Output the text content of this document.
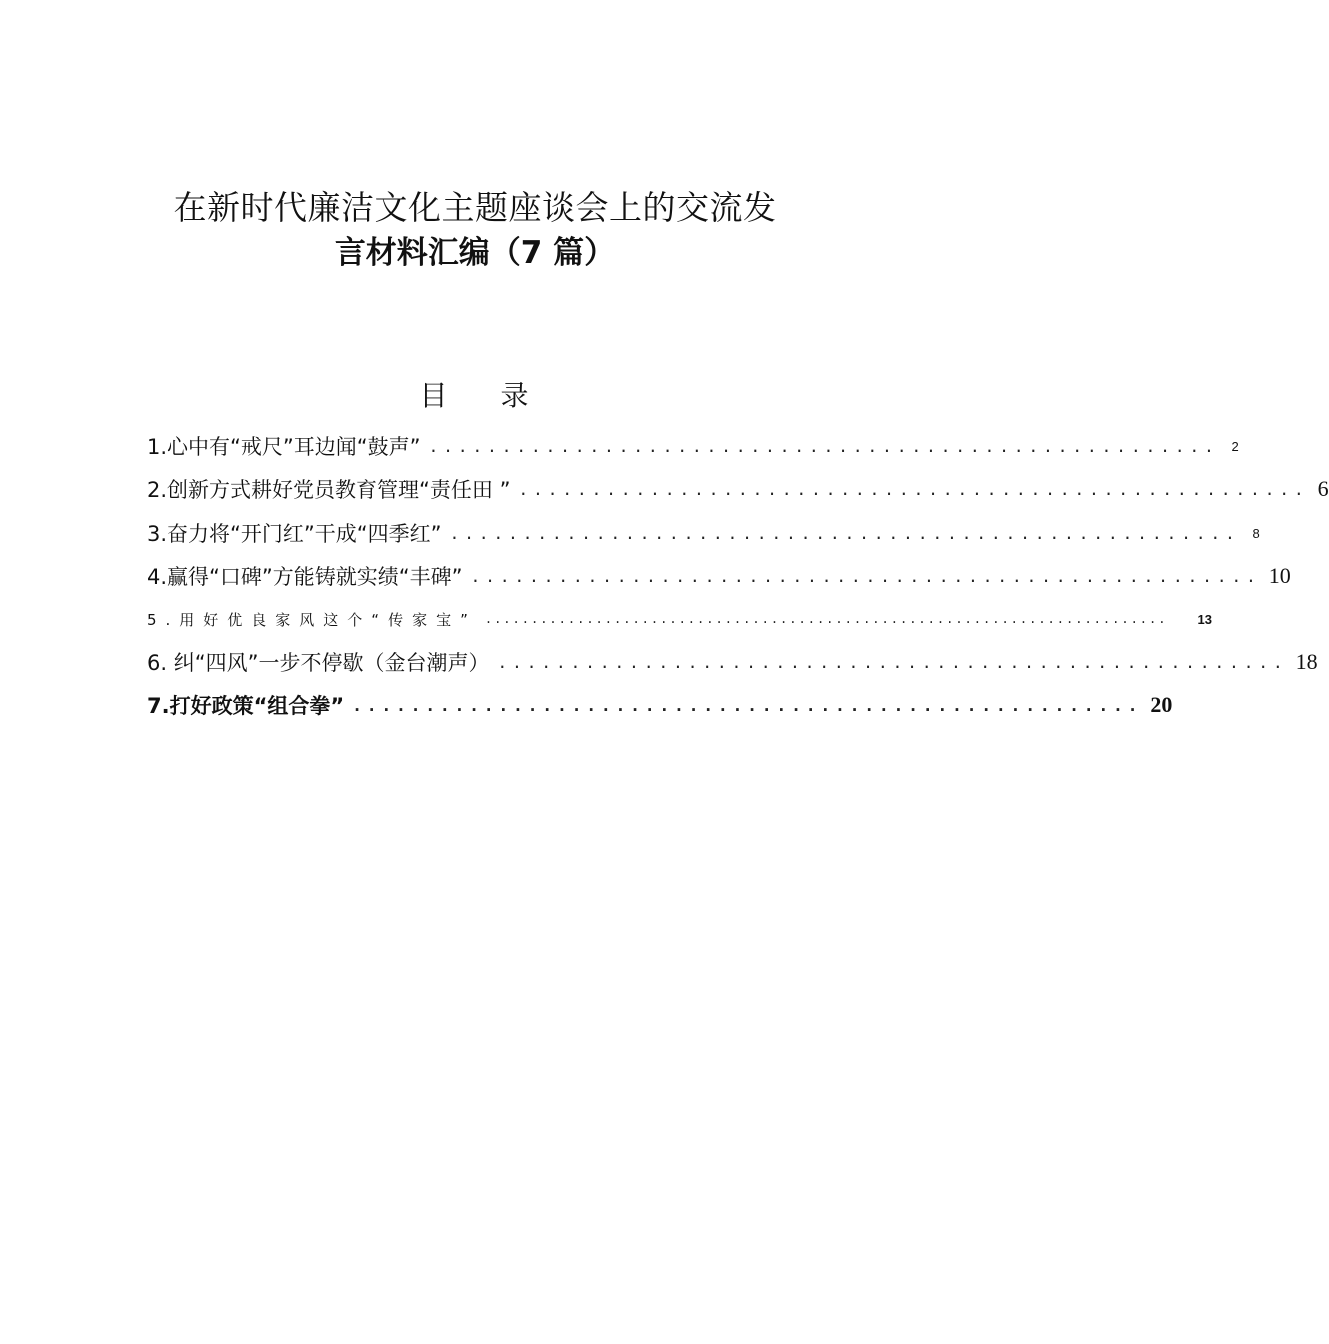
在新时代廉洁文化主题座谈会上的交流发
言材料汇编（7 篇）
目 录
1.心中有“戒尺”耳边闻“鼓声” ...................................................... 2
2.创新方式耕好党员教育管理“责任田 ” ...................................................... 6
3.奋力将“开门红”干成“四季红” ...................................................... 8
4.赢得“口碑”方能铸就实绩“丰碑” ...................................................... 10
5.用好优良家风这个“传家宝” .......................................................................... 13
6. 纠“四风”一步不停歇（金台潮声） ...................................................... 18
7.打好政策“组合拳” ...................................................... 20
